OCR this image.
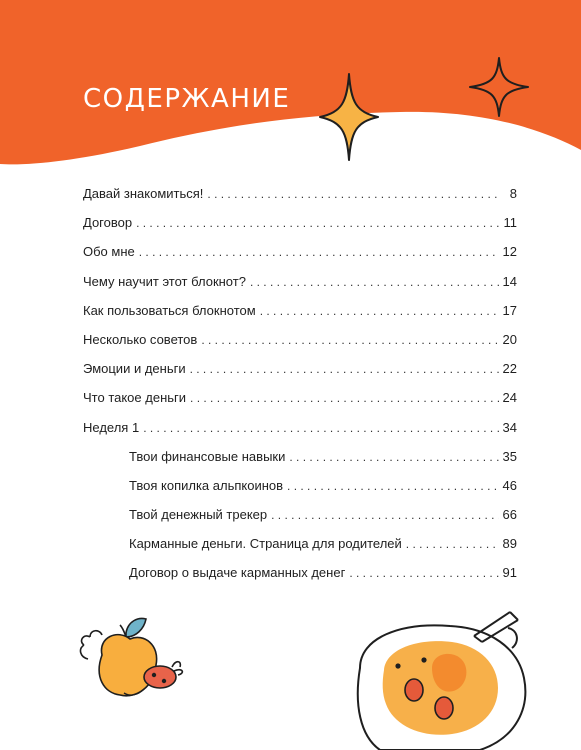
СОДЕРЖАНИЕ
Давай знакомиться! . . .	8
Договор . . .	11
Обо мне . . .	12
Чему научит этот блокнот? . . .	14
Как пользоваться блокнотом . . .	17
Несколько советов . . .	20
Эмоции и деньги . . .	22
Что такое деньги . . .	24
Неделя 1 . . .	34
Твои финансовые навыки . . .	35
Твоя копилка альпкоинов . . .	46
Твой денежный трекер . . .	66
Карманные деньги. Страница для родителей . . .	89
Договор о выдаче карманных денег . . .	91
